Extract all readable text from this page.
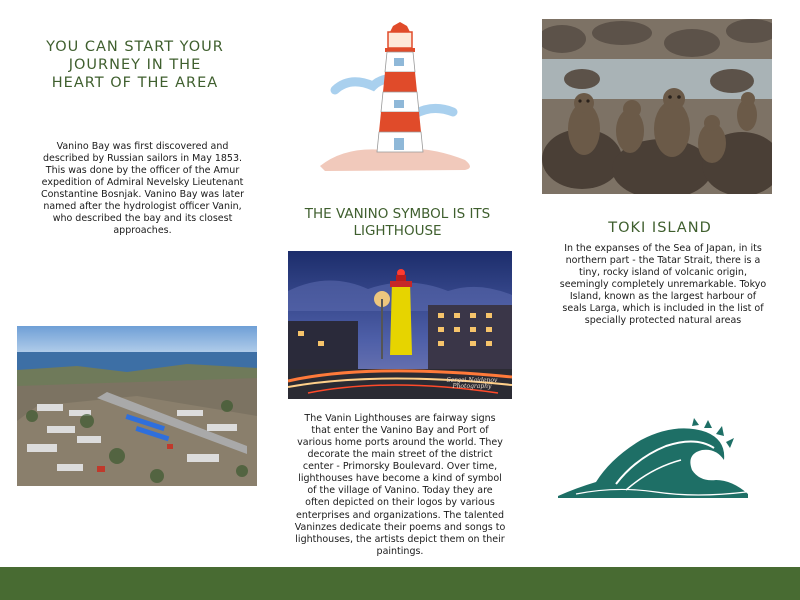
YOU CAN START YOUR JOURNEY IN THE HEART OF THE AREA
Vanino Bay was first discovered and described by Russian sailors in May 1853. This was done by the officer of the Amur expedition of Admiral Nevelsky Lieutenant Constantine Bosnjak. Vanino Bay was later named after the hydrologist officer Vanin, who described the bay and its closest approaches.
THE VANINO SYMBOL IS ITS LIGHTHOUSE
Sergei Naidenov Photography
The Vanin Lighthouses are fairway signs that enter the Vanino Bay and Port of various home ports around the world. They decorate the main street of the district center - Primorsky Boulevard. Over time, lighthouses have become a kind of symbol of the village of Vanino. Today they are often depicted on their logos by various enterprises and organizations. The talented Vaninzes dedicate their poems and songs to lighthouses, the artists depict them on their paintings.
TOKI ISLAND
In the expanses of the Sea of Japan, in its northern part - the Tatar Strait, there is a tiny, rocky island of volcanic origin, seemingly completely unremarkable. Tokyo Island, known as the largest harbour of seals Larga, which is included in the list of specially protected natural areas
